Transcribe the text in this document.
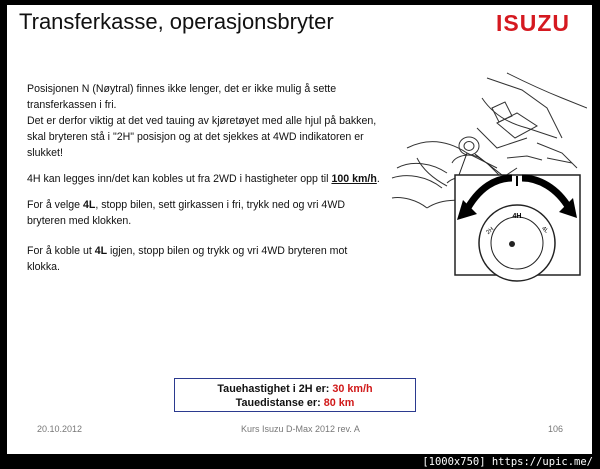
Transferkasse, operasjonsbryter	ISUZU

Posisjonen N (Nøytral) finnes ikke lenger, det er ikke mulig å sette transferkassen i fri.

Det er derfor viktig at det ved tauing av kjøretøyet med alle hjul på bakken, skal bryteren stå i "2H" posisjon og at det sjekkes at 4WD indikatoren er slukket!

4H kan legges inn/det kan kobles ut fra 2WD i hastigheter opp til 100 km/h.

For å velge 4L, stopp bilen, sett girkassen i fri, trykk ned og vri 4WD bryteren med klokken.

For å koble ut 4L igjen, stopp bilen og trykk og vri 4WD bryteren mot klokka.

4H
2H	4L
Tauehastighet i 2H er: 30 km/h
Tauedistanse er: 80 km
20.10.2012	Kurs Isuzu D-Max 2012 rev. A	106
[1000x750] https://upic.me/
